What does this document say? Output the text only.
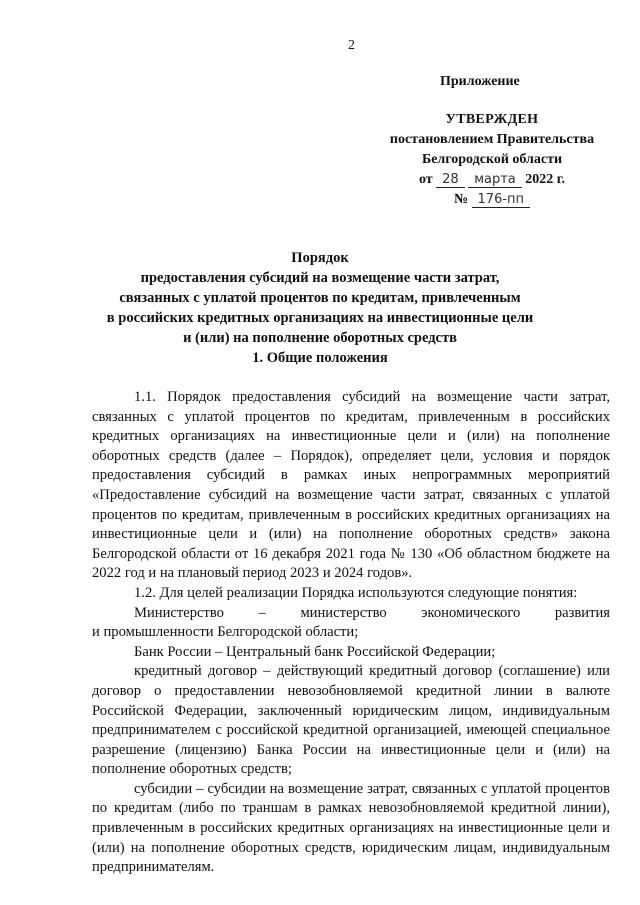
2
Приложение
УТВЕРЖДЕН
постановлением Правительства
Белгородской области
от 28 марта 2022 г.
№ 176-пп
Порядок
предоставления субсидий на возмещение части затрат,
связанных с уплатой процентов по кредитам, привлеченным
в российских кредитных организациях на инвестиционные цели
и (или) на пополнение оборотных средств
1. Общие положения

1.1. Порядок предоставления субсидий на возмещение части затрат, связанных с уплатой процентов по кредитам, привлеченным в российских кредитных организациях на инвестиционные цели и (или) на пополнение оборотных средств (далее – Порядок), определяет цели, условия и порядок предоставления субсидий в рамках иных непрограммных мероприятий «Предоставление субсидий на возмещение части затрат, связанных с уплатой процентов по кредитам, привлеченным в российских кредитных организациях на инвестиционные цели и (или) на пополнение оборотных средств» закона Белгородской области от 16 декабря 2021 года № 130 «Об областном бюджете на 2022 год и на плановый период 2023 и 2024 годов».

1.2. Для целей реализации Порядка используются следующие понятия:

Министерство – министерство экономического развития

и промышленности Белгородской области;

Банк России – Центральный банк Российской Федерации;

кредитный договор – действующий кредитный договор (соглашение) или договор о предоставлении невозобновляемой кредитной линии в валюте Российской Федерации, заключенный юридическим лицом, индивидуальным предпринимателем с российской кредитной организацией, имеющей специальное разрешение (лицензию) Банка России на инвестиционные цели и (или) на пополнение оборотных средств;

субсидии – субсидии на возмещение затрат, связанных с уплатой процентов по кредитам (либо по траншам в рамках невозобновляемой кредитной линии), привлеченным в российских кредитных организациях на инвестиционные цели и (или) на пополнение оборотных средств, юридическим лицам, индивидуальным предпринимателям.
